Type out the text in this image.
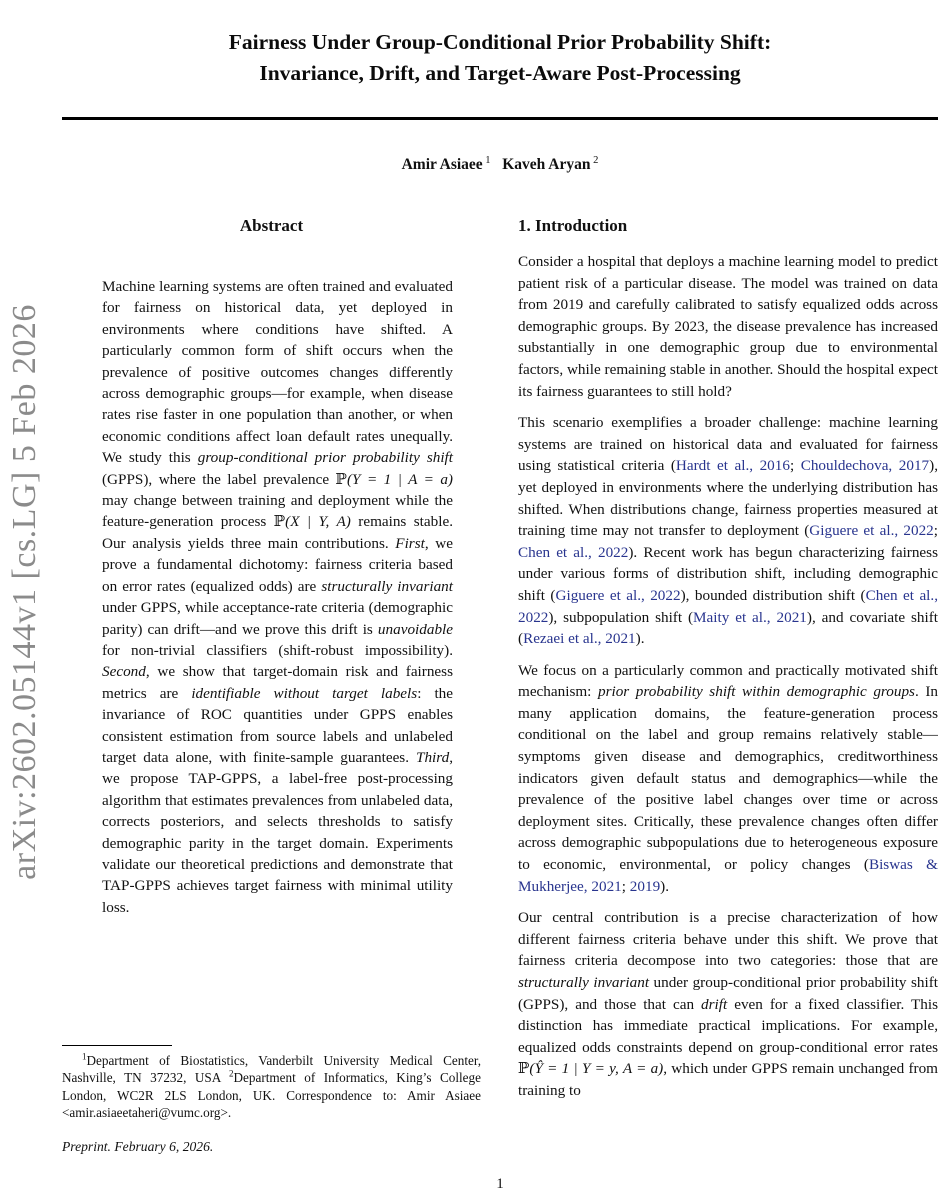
arXiv:2602.05144v1 [cs.LG] 5 Feb 2026
Fairness Under Group-Conditional Prior Probability Shift:
Invariance, Drift, and Target-Aware Post-Processing
Amir Asiaee $^1$ Kaveh Aryan $^2$
Abstract

Machine learning systems are often trained and evaluated for fairness on historical data, yet deployed in environments where conditions have shifted. A particularly common form of shift occurs when the prevalence of positive outcomes changes differently across demographic groups—for example, when disease rates rise faster in one population than another, or when economic conditions affect loan default rates unequally. We study this group-conditional prior probability shift (GPPS), where the label prevalence ℙ(Y = 1 | A = a) may change between training and deployment while the feature-generation process ℙ(X | Y, A) remains stable. Our analysis yields three main contributions. First, we prove a fundamental dichotomy: fairness criteria based on error rates (equalized odds) are structurally invariant under GPPS, while acceptance-rate criteria (demographic parity) can drift—and we prove this drift is unavoidable for non-trivial classifiers (shift-robust impossibility). Second, we show that target-domain risk and fairness metrics are identifiable without target labels: the invariance of ROC quantities under GPPS enables consistent estimation from source labels and unlabeled target data alone, with finite-sample guarantees. Third, we propose TAP-GPPS, a label-free post-processing algorithm that estimates prevalences from unlabeled data, corrects posteriors, and selects thresholds to satisfy demographic parity in the target domain. Experiments validate our theoretical predictions and demonstrate that TAP-GPPS achieves target fairness with minimal utility loss.

$^1$Department of Biostatistics, Vanderbilt University Medical Center, Nashville, TN 37232, USA $^2$Department of Informatics, King’s College London, WC2R 2LS London, UK. Correspondence to: Amir Asiaee <amir.asiaeetaheri@vumc.org>.

Preprint. February 6, 2026.

1. Introduction

Consider a hospital that deploys a machine learning model to predict patient risk of a particular disease. The model was trained on data from 2019 and carefully calibrated to satisfy equalized odds across demographic groups. By 2023, the disease prevalence has increased substantially in one demographic group due to environmental factors, while remaining stable in another. Should the hospital expect its fairness guarantees to still hold?

This scenario exemplifies a broader challenge: machine learning systems are trained on historical data and evaluated for fairness using statistical criteria (Hardt et al., 2016; Chouldechova, 2017), yet deployed in environments where the underlying distribution has shifted. When distributions change, fairness properties measured at training time may not transfer to deployment (Giguere et al., 2022; Chen et al., 2022). Recent work has begun characterizing fairness under various forms of distribution shift, including demographic shift (Giguere et al., 2022), bounded distribution shift (Chen et al., 2022), subpopulation shift (Maity et al., 2021), and covariate shift (Rezaei et al., 2021).

We focus on a particularly common and practically motivated shift mechanism: prior probability shift within demographic groups. In many application domains, the feature-generation process conditional on the label and group remains relatively stable—symptoms given disease and demographics, creditworthiness indicators given default status and demographics—while the prevalence of the positive label changes over time or across deployment sites. Critically, these prevalence changes often differ across demographic subpopulations due to heterogeneous exposure to economic, environmental, or policy changes (Biswas & Mukherjee, 2021; 2019).

Our central contribution is a precise characterization of how different fairness criteria behave under this shift. We prove that fairness criteria decompose into two categories: those that are structurally invariant under group-conditional prior probability shift (GPPS), and those that can drift even for a fixed classifier. This distinction has immediate practical implications. For example, equalized odds constraints depend on group-conditional error rates ℙ(Ŷ = 1 | Y = y, A = a), which under GPPS remain unchanged from training to

1
